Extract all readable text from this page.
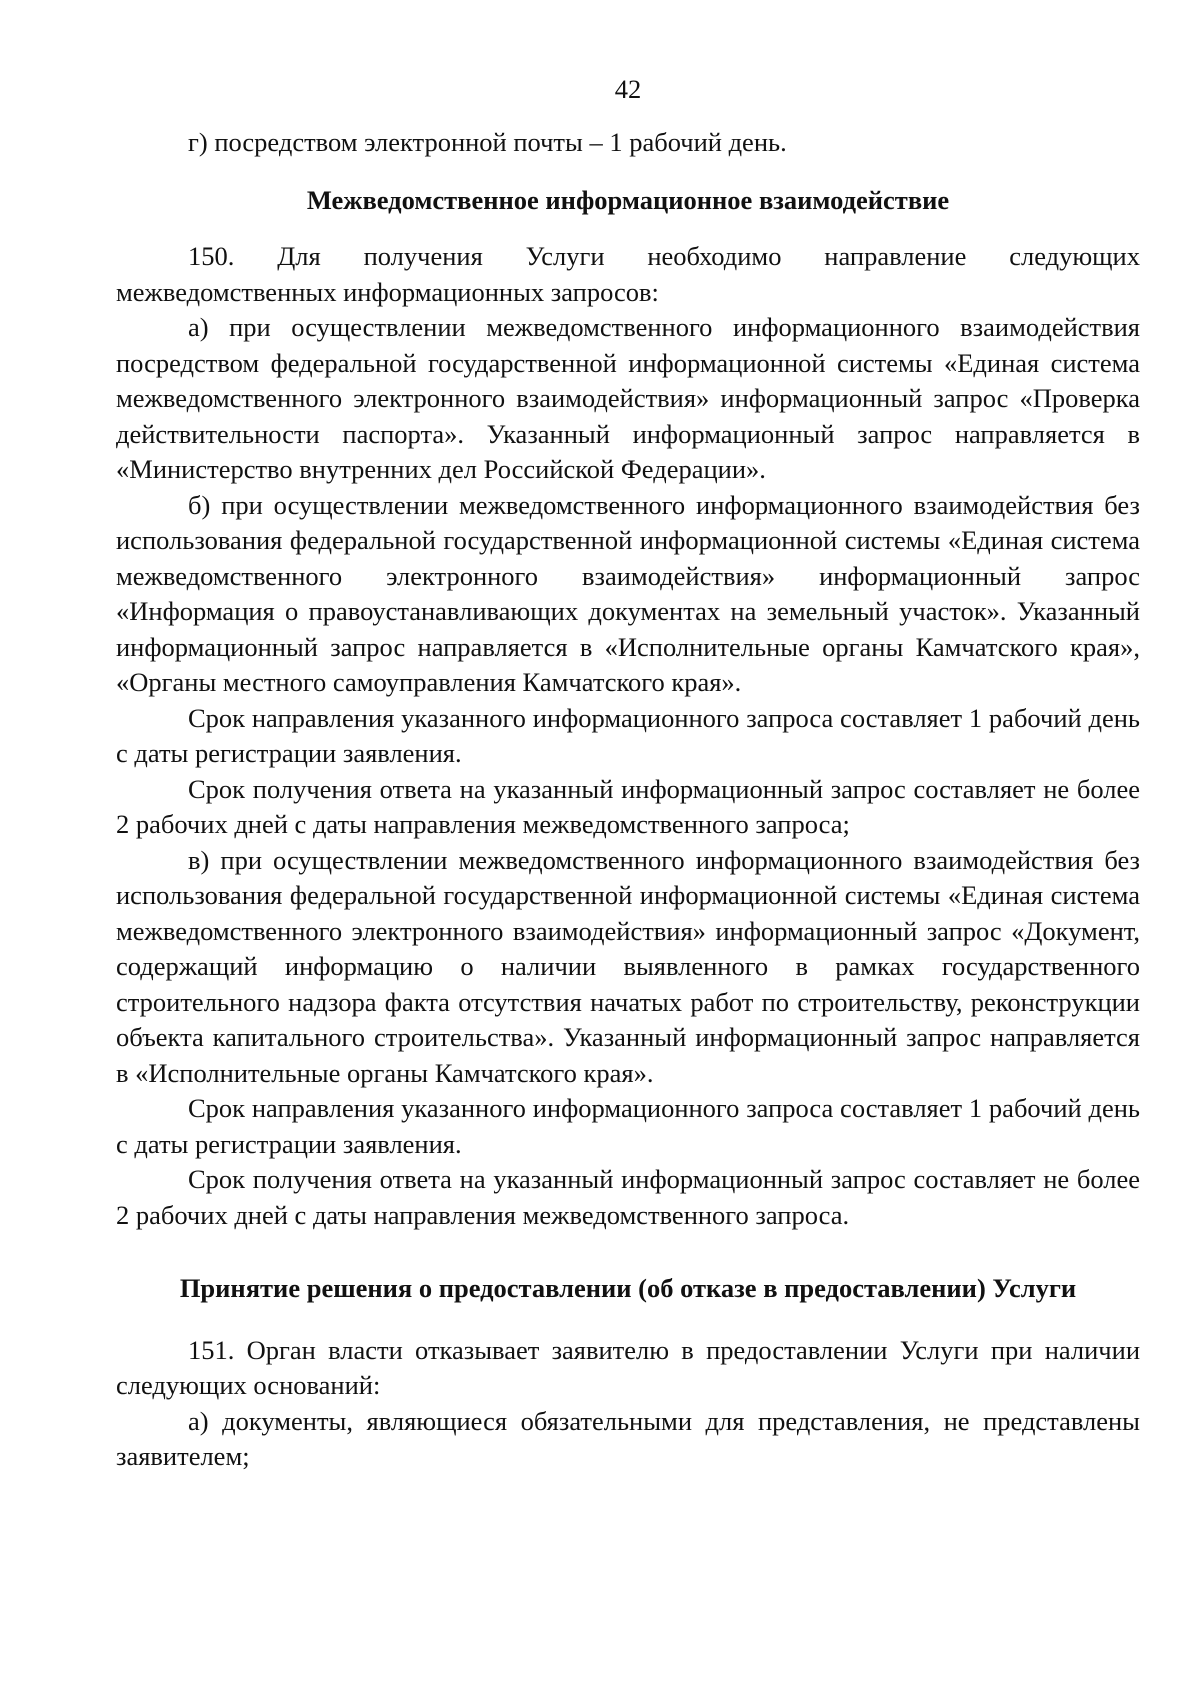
42

г) посредством электронной почты – 1 рабочий день.

Межведомственное информационное взаимодействие

150. Для получения Услуги необходимо направление следующих межведомственных информационных запросов:

а) при осуществлении межведомственного информационного взаимодействия посредством федеральной государственной информационной системы «Единая система межведомственного электронного взаимодействия» информационный запрос «Проверка действительности паспорта». Указанный информационный запрос направляется в «Министерство внутренних дел Российской Федерации».

б) при осуществлении межведомственного информационного взаимодействия без использования федеральной государственной информационной системы «Единая система межведомственного электронного взаимодействия» информационный запрос «Информация о правоустанавливающих документах на земельный участок». Указанный информационный запрос направляется в «Исполнительные органы Камчатского края», «Органы местного самоуправления Камчатского края».

Срок направления указанного информационного запроса составляет 1 рабочий день с даты регистрации заявления.

Срок получения ответа на указанный информационный запрос составляет не более 2 рабочих дней с даты направления межведомственного запроса;

в) при осуществлении межведомственного информационного взаимодействия без использования федеральной государственной информационной системы «Единая система межведомственного электронного взаимодействия» информационный запрос «Документ, содержащий информацию о наличии выявленного в рамках государственного строительного надзора факта отсутствия начатых работ по строительству, реконструкции объекта капитального строительства». Указанный информационный запрос направляется в «Исполнительные органы Камчатского края».

Срок направления указанного информационного запроса составляет 1 рабочий день с даты регистрации заявления.

Срок получения ответа на указанный информационный запрос составляет не более 2 рабочих дней с даты направления межведомственного запроса.

Принятие решения о предоставлении (об отказе в предоставлении) Услуги

151. Орган власти отказывает заявителю в предоставлении Услуги при наличии следующих оснований:

а) документы, являющиеся обязательными для представления, не представлены заявителем;
